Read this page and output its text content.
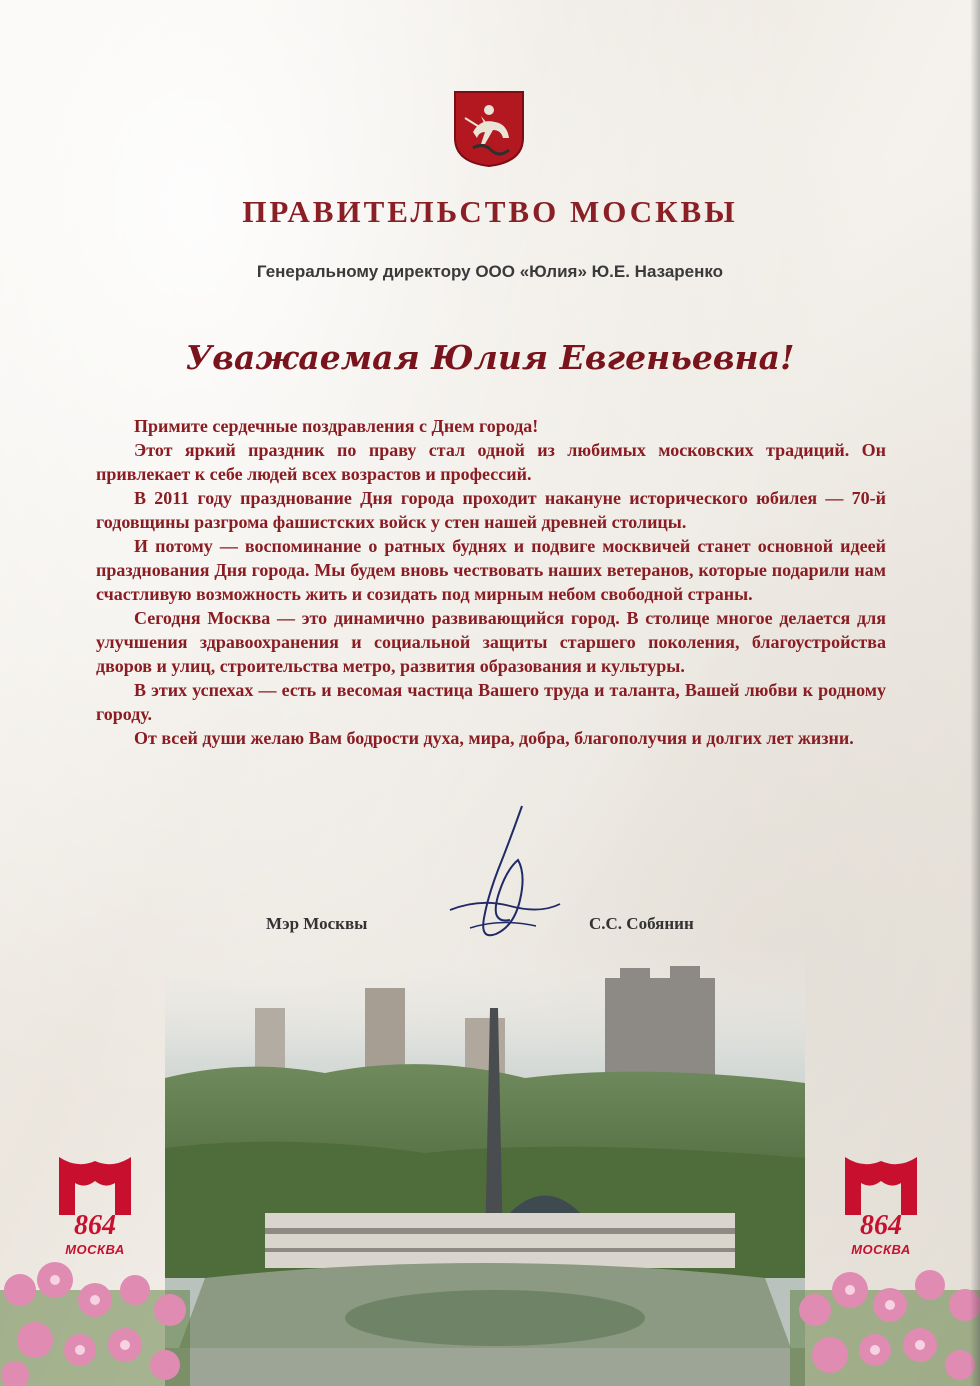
ПРАВИТЕЛЬСТВО МОСКВЫ
Генеральному директору ООО «Юлия» Ю.Е. Назаренко
Уважаемая Юлия Евгеньевна!

Примите сердечные поздравления с Днем города!

Этот яркий праздник по праву стал одной из любимых московских традиций. Он привлекает к себе людей всех возрастов и профессий.

В 2011 году празднование Дня города проходит накануне исторического юбилея — 70-й годовщины разгрома фашистских войск у стен нашей древней столицы.

И потому — воспоминание о ратных буднях и подвиге москвичей станет основной идеей празднования Дня города. Мы будем вновь чествовать наших ветеранов, которые подарили нам счастливую возможность жить и созидать под мирным небом свободной страны.

Сегодня Москва — это динамично развивающийся город. В столице многое делается для улучшения здравоохранения и социальной защиты старшего поколения, благоустройства дворов и улиц, строительства метро, развития образования и культуры.

В этих успехах — есть и весомая частица Вашего труда и таланта, Вашей любви к родному городу.

От всей души желаю Вам бодрости духа, мира, добра, благополучия и долгих лет жизни.

Мэр Москвы	С.С. Собянин
864
МОСКВА
864
МОСКВА
